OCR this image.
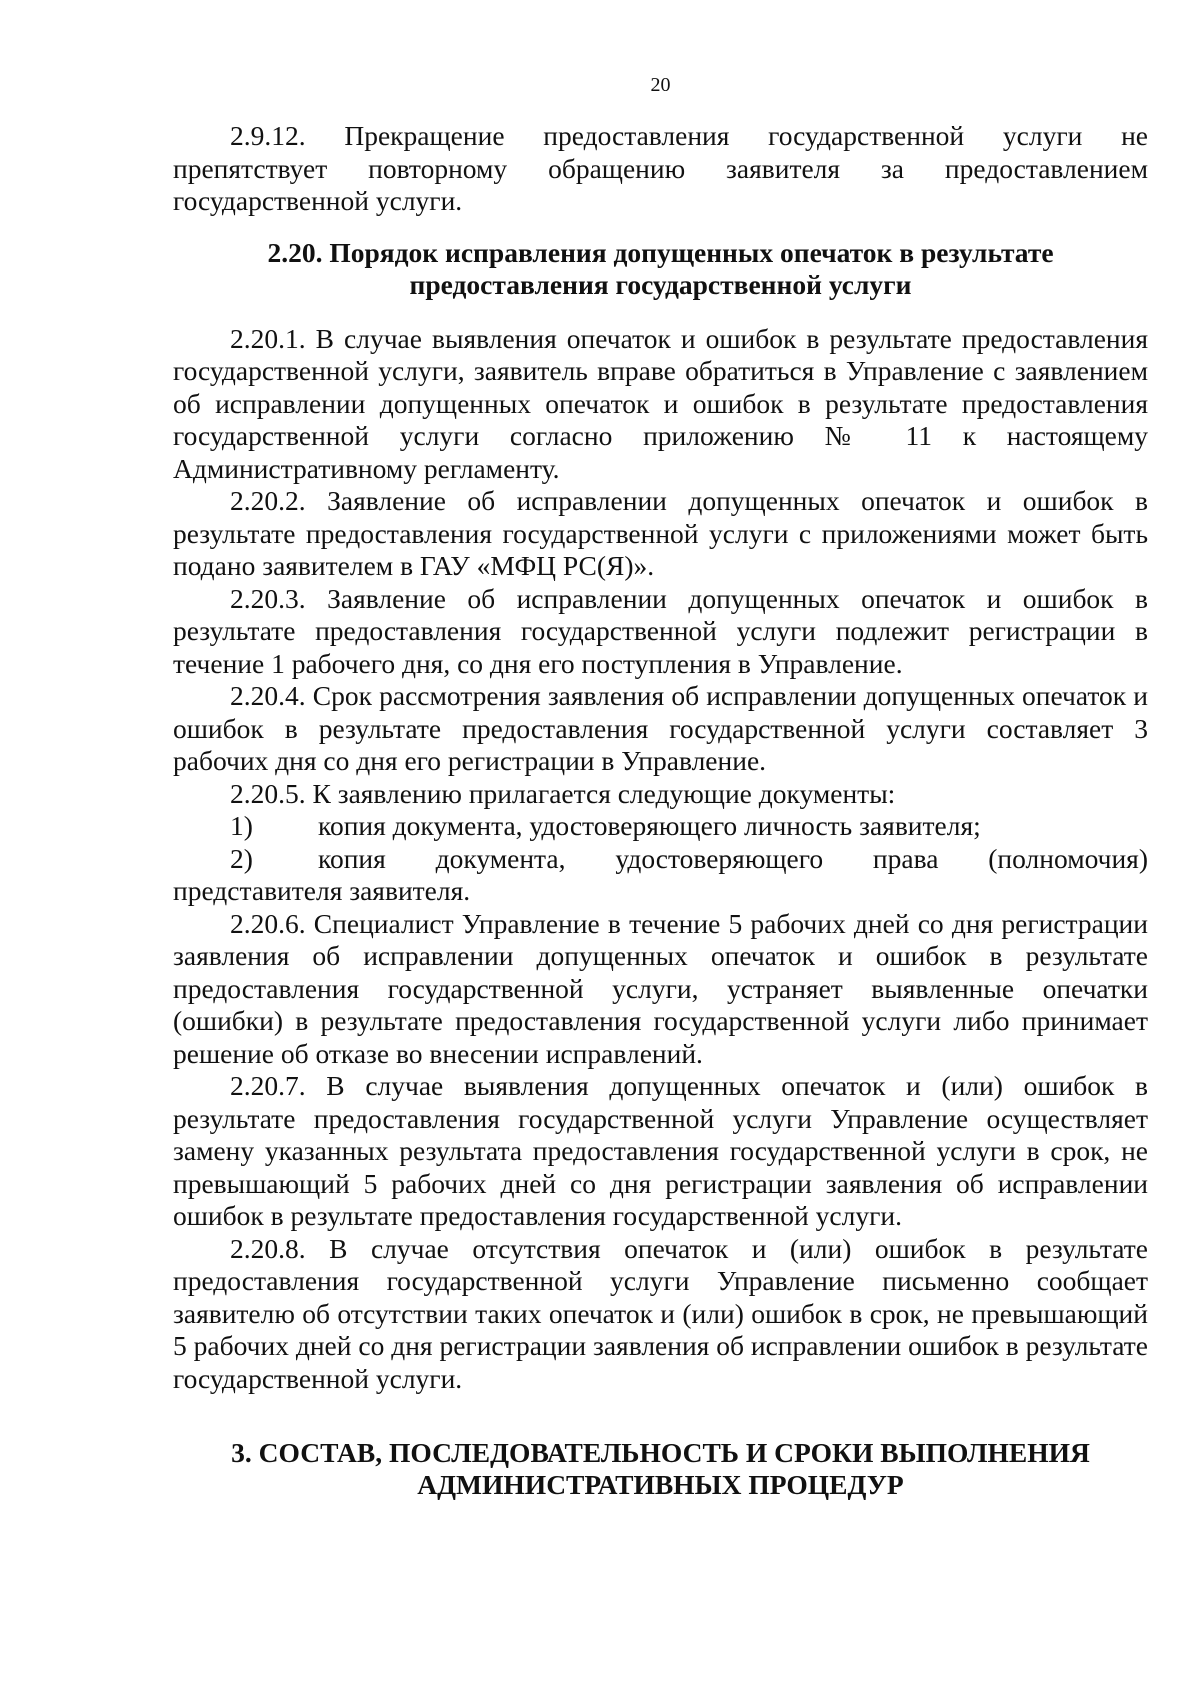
20

2.9.12. Прекращение предоставления государственной услуги не препятствует повторному обращению заявителя за предоставлением государственной услуги.

2.20. Порядок исправления допущенных опечаток в результате
предоставления государственной услуги

2.20.1. В случае выявления опечаток и ошибок в результате предоставления государственной услуги, заявитель вправе обратиться в Управление с заявлением об исправлении допущенных опечаток и ошибок в результате предоставления государственной услуги согласно приложению № 11 к настоящему Административному регламенту.

2.20.2. Заявление об исправлении допущенных опечаток и ошибок в результате предоставления государственной услуги с приложениями может быть подано заявителем в ГАУ «МФЦ РС(Я)».

2.20.3. Заявление об исправлении допущенных опечаток и ошибок в результате предоставления государственной услуги подлежит регистрации в течение 1 рабочего дня, со дня его поступления в Управление.

2.20.4. Срок рассмотрения заявления об исправлении допущенных опечаток и ошибок в результате предоставления государственной услуги составляет 3 рабочих дня со дня его регистрации в Управление.

2.20.5. К заявлению прилагается следующие документы:

1) копия документа, удостоверяющего личность заявителя;
2) копия документа, удостоверяющего права (полномочия) представителя заявителя.

2.20.6. Специалист Управление в течение 5 рабочих дней со дня регистрации заявления об исправлении допущенных опечаток и ошибок в результате предоставления государственной услуги, устраняет выявленные опечатки (ошибки) в результате предоставления государственной услуги либо принимает решение об отказе во внесении исправлений.

2.20.7. В случае выявления допущенных опечаток и (или) ошибок в результате предоставления государственной услуги Управление осуществляет замену указанных результата предоставления государственной услуги в срок, не превышающий 5 рабочих дней со дня регистрации заявления об исправлении ошибок в результате предоставления государственной услуги.

2.20.8. В случае отсутствия опечаток и (или) ошибок в результате предоставления государственной услуги Управление письменно сообщает заявителю об отсутствии таких опечаток и (или) ошибок в срок, не превышающий 5 рабочих дней со дня регистрации заявления об исправлении ошибок в результате государственной услуги.

3. СОСТАВ, ПОСЛЕДОВАТЕЛЬНОСТЬ И СРОКИ ВЫПОЛНЕНИЯ
АДМИНИСТРАТИВНЫХ ПРОЦЕДУР
